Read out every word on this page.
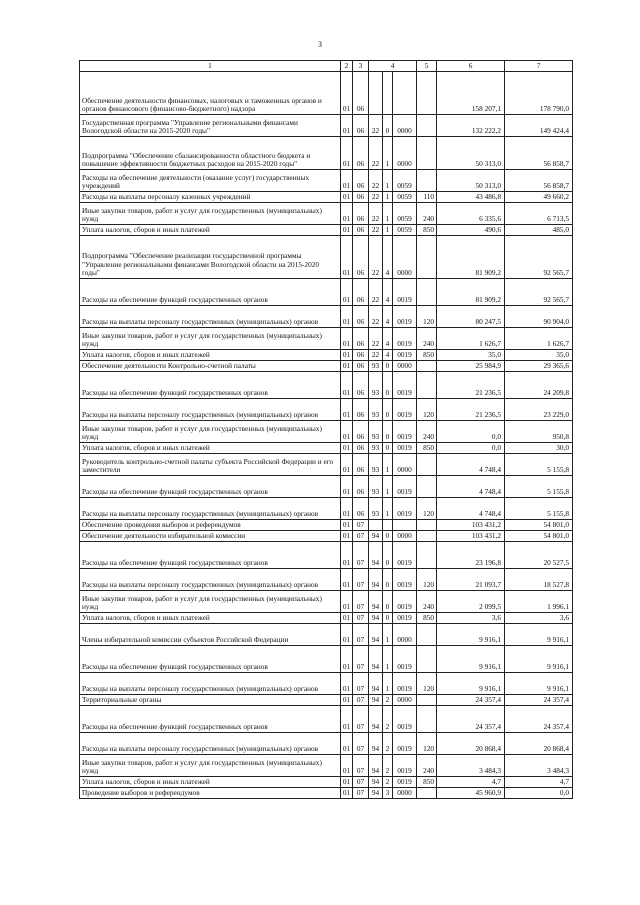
3
1	2	3	4			5	6	7
Обеспечение деятельности финансовых, налоговых и таможенных органов и органов финансового (финансово-бюджетного) надзора	01	06					158 207,1	178 790,0
Государственная программа "Управление региональными финансами Вологодской области на 2015-2020 годы"	01	06	22	0	0000		132 222,2	149 424,4
Подпрограмма "Обеспечение сбалансированности областного бюджета и повышение эффективности бюджетных расходов на 2015-2020 годы"	01	06	22	1	0000		50 313,0	56 858,7
Расходы на обеспечение деятельности (оказание услуг) государственных учреждений	01	06	22	1	0059		50 313,0	56 858,7
Расходы на выплаты персоналу казенных учреждений	01	06	22	1	0059	110	43 486,8	49 660,2
Иные закупки товаров, работ и услуг для государственных (муниципальных) нужд	01	06	22	1	0059	240	6 335,6	6 713,5
Уплата налогов, сборов и иных платежей	01	06	22	1	0059	850	490,6	485,0
Подпрограмма "Обеспечение реализации государственной программы "Управление региональными финансами Вологодской области на 2015-2020 годы"	01	06	22	4	0000		81 909,2	92 565,7
Расходы на обеспечение функций государственных органов	01	06	22	4	0019		81 909,2	92 565,7
Расходы на выплаты персоналу государственных (муниципальных) органов	01	06	22	4	0019	120	80 247,5	90 904,0
Иные закупки товаров, работ и услуг для государственных (муниципальных) нужд	01	06	22	4	0019	240	1 626,7	1 626,7
Уплата налогов, сборов и иных платежей	01	06	22	4	0019	850	35,0	35,0
Обеспечение деятельности Контрольно-счетной палаты	01	06	93	0	0000		25 984,9	29 365,6
Расходы на обеспечение функций государственных органов	01	06	93	0	0019		21 236,5	24 209,8
Расходы на выплаты персоналу государственных (муниципальных) органов	01	06	93	0	0019	120	21 236,5	23 229,0
Иные закупки товаров, работ и услуг для государственных (муниципальных) нужд	01	06	93	0	0019	240	0,0	950,8
Уплата налогов, сборов и иных платежей	01	06	93	0	0019	850	0,0	30,0
Руководитель контрольно-счетной палаты субъекта Российской Федерации и его заместители	01	06	93	1	0000		4 748,4	5 155,8
Расходы на обеспечение функций государственных органов	01	06	93	1	0019		4 748,4	5 155,8
Расходы на выплаты персоналу государственных (муниципальных) органов	01	06	93	1	0019	120	4 748,4	5 155,8
Обеспечение проведения выборов и референдумов	01	07					103 431,2	54 801,0
Обеспечение деятельности избирательной комиссии	01	07	94	0	0000		103 431,2	54 801,0
Расходы на обеспечение функций государственных органов	01	07	94	0	0019		23 196,8	20 527,5
Расходы на выплаты персоналу государственных (муниципальных) органов	01	07	94	0	0019	120	21 093,7	18 527,8
Иные закупки товаров, работ и услуг для государственных (муниципальных) нужд	01	07	94	0	0019	240	2 099,5	1 996,1
Уплата налогов, сборов и иных платежей	01	07	94	0	0019	850	3,6	3,6
Члены избирательной комиссии субъектов Российской Федерации	01	07	94	1	0000		9 916,1	9 916,1
Расходы на обеспечение функций государственных органов	01	07	94	1	0019		9 916,1	9 916,1
Расходы на выплаты персоналу государственных (муниципальных) органов	01	07	94	1	0019	120	9 916,1	9 916,1
Территориальные органы	01	07	94	2	0000		24 357,4	24 357,4
Расходы на обеспечение функций государственных органов	01	07	94	2	0019		24 357,4	24 357,4
Расходы на выплаты персоналу государственных (муниципальных) органов	01	07	94	2	0019	120	20 868,4	20 868,4
Иные закупки товаров, работ и услуг для государственных (муниципальных) нужд	01	07	94	2	0019	240	3 484,3	3 484,3
Уплата налогов, сборов и иных платежей	01	07	94	2	0019	850	4,7	4,7
Проведение выборов и референдумов	01	07	94	3	0000		45 960,9	0,0
